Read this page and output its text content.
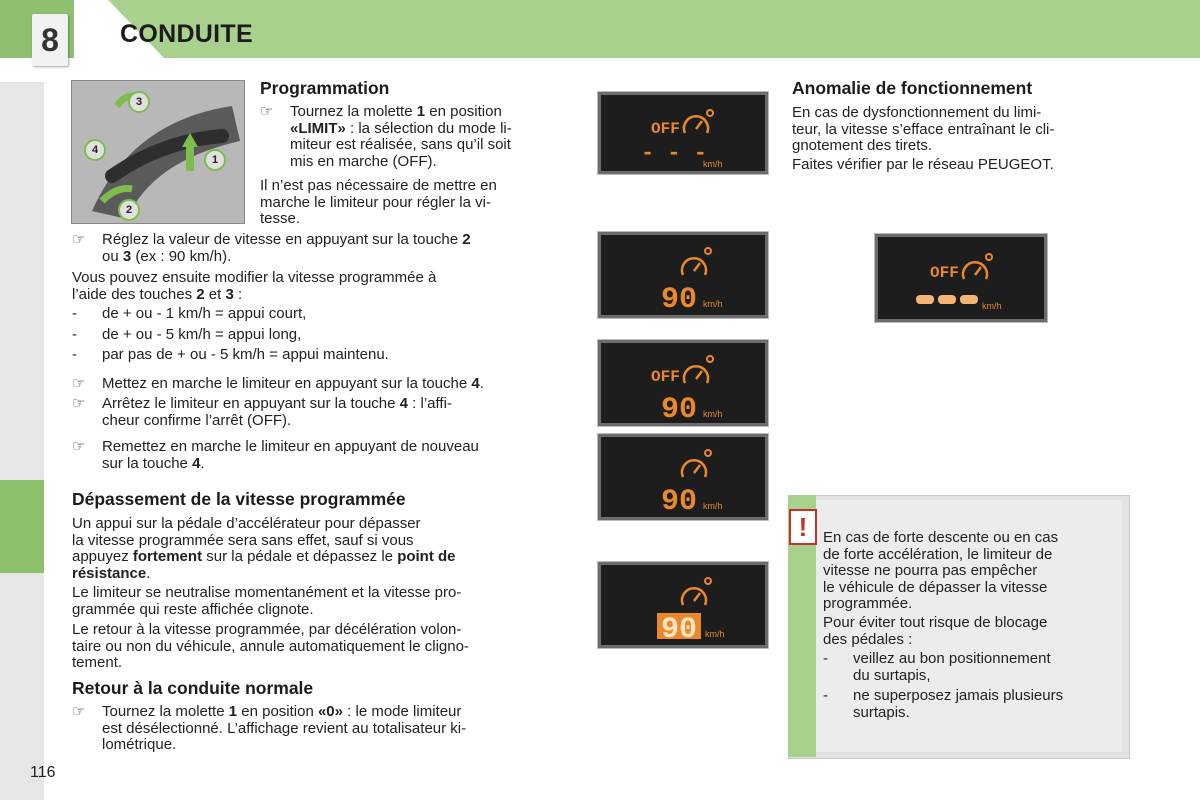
8	CONDUITE
116
3
4
1
2
Programmation
☞	Tournez la molette 1 en position
«LIMIT» : la sélection du mode li-
miteur est réalisée, sans qu’il soit
mis en marche (OFF).
Il n’est pas nécessaire de mettre en
marche le limiteur pour régler la vi-
tesse.
☞	Réglez la valeur de vitesse en appuyant sur la touche 2
ou 3 (ex : 90 km/h).
Vous pouvez ensuite modifier la vitesse programmée à
l’aide des touches 2 et 3 :
-	de + ou - 1 km/h = appui court,
-	de + ou - 5 km/h = appui long,
-	par pas de + ou - 5 km/h = appui maintenu.
☞	Mettez en marche le limiteur en appuyant sur la touche 4.
☞	Arrêtez le limiteur en appuyant sur la touche 4 : l’affi-
cheur confirme l’arrêt (OFF).
☞	Remettez en marche le limiteur en appuyant de nouveau
sur la touche 4.
Dépassement de la vitesse programmée
Un appui sur la pédale d’accélérateur pour dépasser
la vitesse programmée sera sans effet, sauf si vous
appuyez fortement sur la pédale et dépassez le point de
résistance.
Le limiteur se neutralise momentanément et la vitesse pro-
grammée qui reste affichée clignote.
Le retour à la vitesse programmée, par décélération volon-
taire ou non du véhicule, annule automatiquement le cligno-
tement.
Retour à la conduite normale
☞	Tournez la molette 1 en position «0» : le mode limiteur
est désélectionné. L’affichage revient au totalisateur ki-
lométrique.
OFF
- - -
km/h
90 km/h
OFF
90 km/h
90 km/h
90 km/h
Anomalie de fonctionnement
En cas de dysfonctionnement du limi-
teur, la vitesse s’efface entraînant le cli-
gnotement des tirets.
Faites vérifier par le réseau PEUGEOT.
OFF
km/h
!	En cas de forte descente ou en cas
de forte accélération, le limiteur de
vitesse ne pourra pas empêcher
le véhicule de dépasser la vitesse
programmée.
Pour éviter tout risque de blocage
des pédales :
-	veillez au bon positionnement
du surtapis,
-	ne superposez jamais plusieurs
surtapis.
